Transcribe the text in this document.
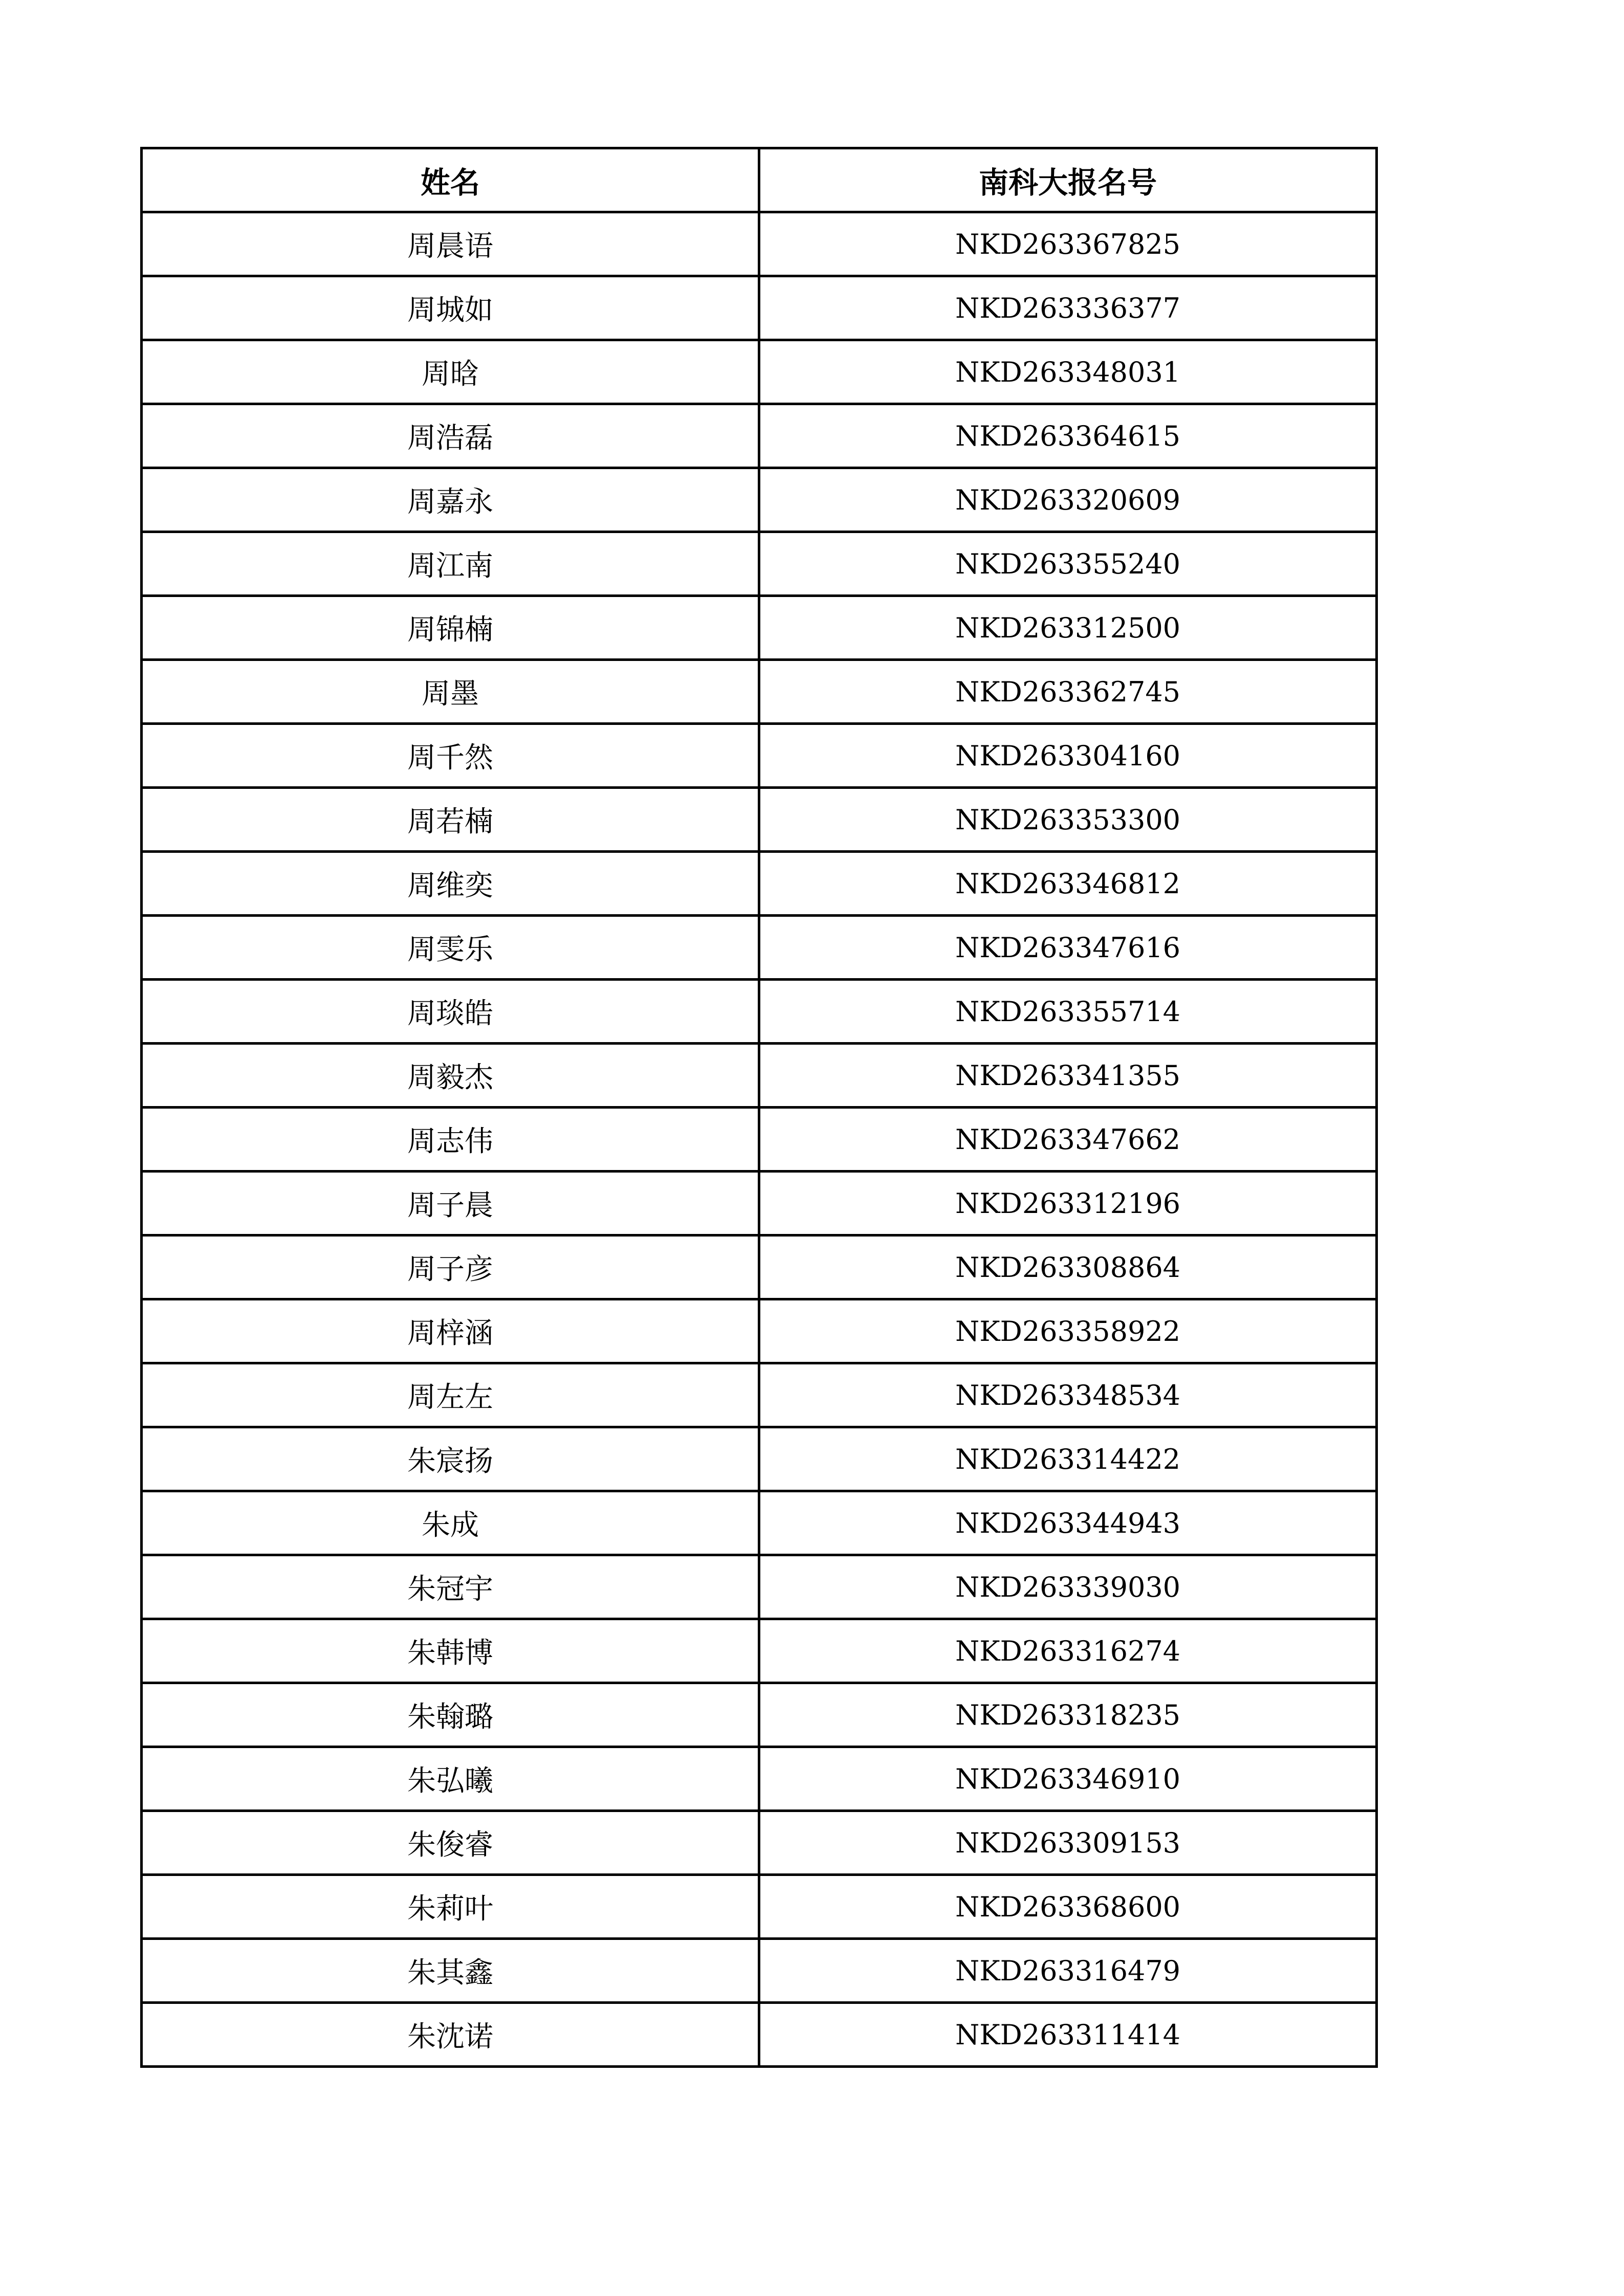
姓名	南科大报名号
周晨语	NKD263367825
周城如	NKD263336377
周晗	NKD263348031
周浩磊	NKD263364615
周嘉永	NKD263320609
周江南	NKD263355240
周锦楠	NKD263312500
周墨	NKD263362745
周千然	NKD263304160
周若楠	NKD263353300
周维奕	NKD263346812
周雯乐	NKD263347616
周琰皓	NKD263355714
周毅杰	NKD263341355
周志伟	NKD263347662
周子晨	NKD263312196
周子彦	NKD263308864
周梓涵	NKD263358922
周左左	NKD263348534
朱宸扬	NKD263314422
朱成	NKD263344943
朱冠宇	NKD263339030
朱韩博	NKD263316274
朱翰璐	NKD263318235
朱弘曦	NKD263346910
朱俊睿	NKD263309153
朱莉叶	NKD263368600
朱其鑫	NKD263316479
朱沈诺	NKD263311414
